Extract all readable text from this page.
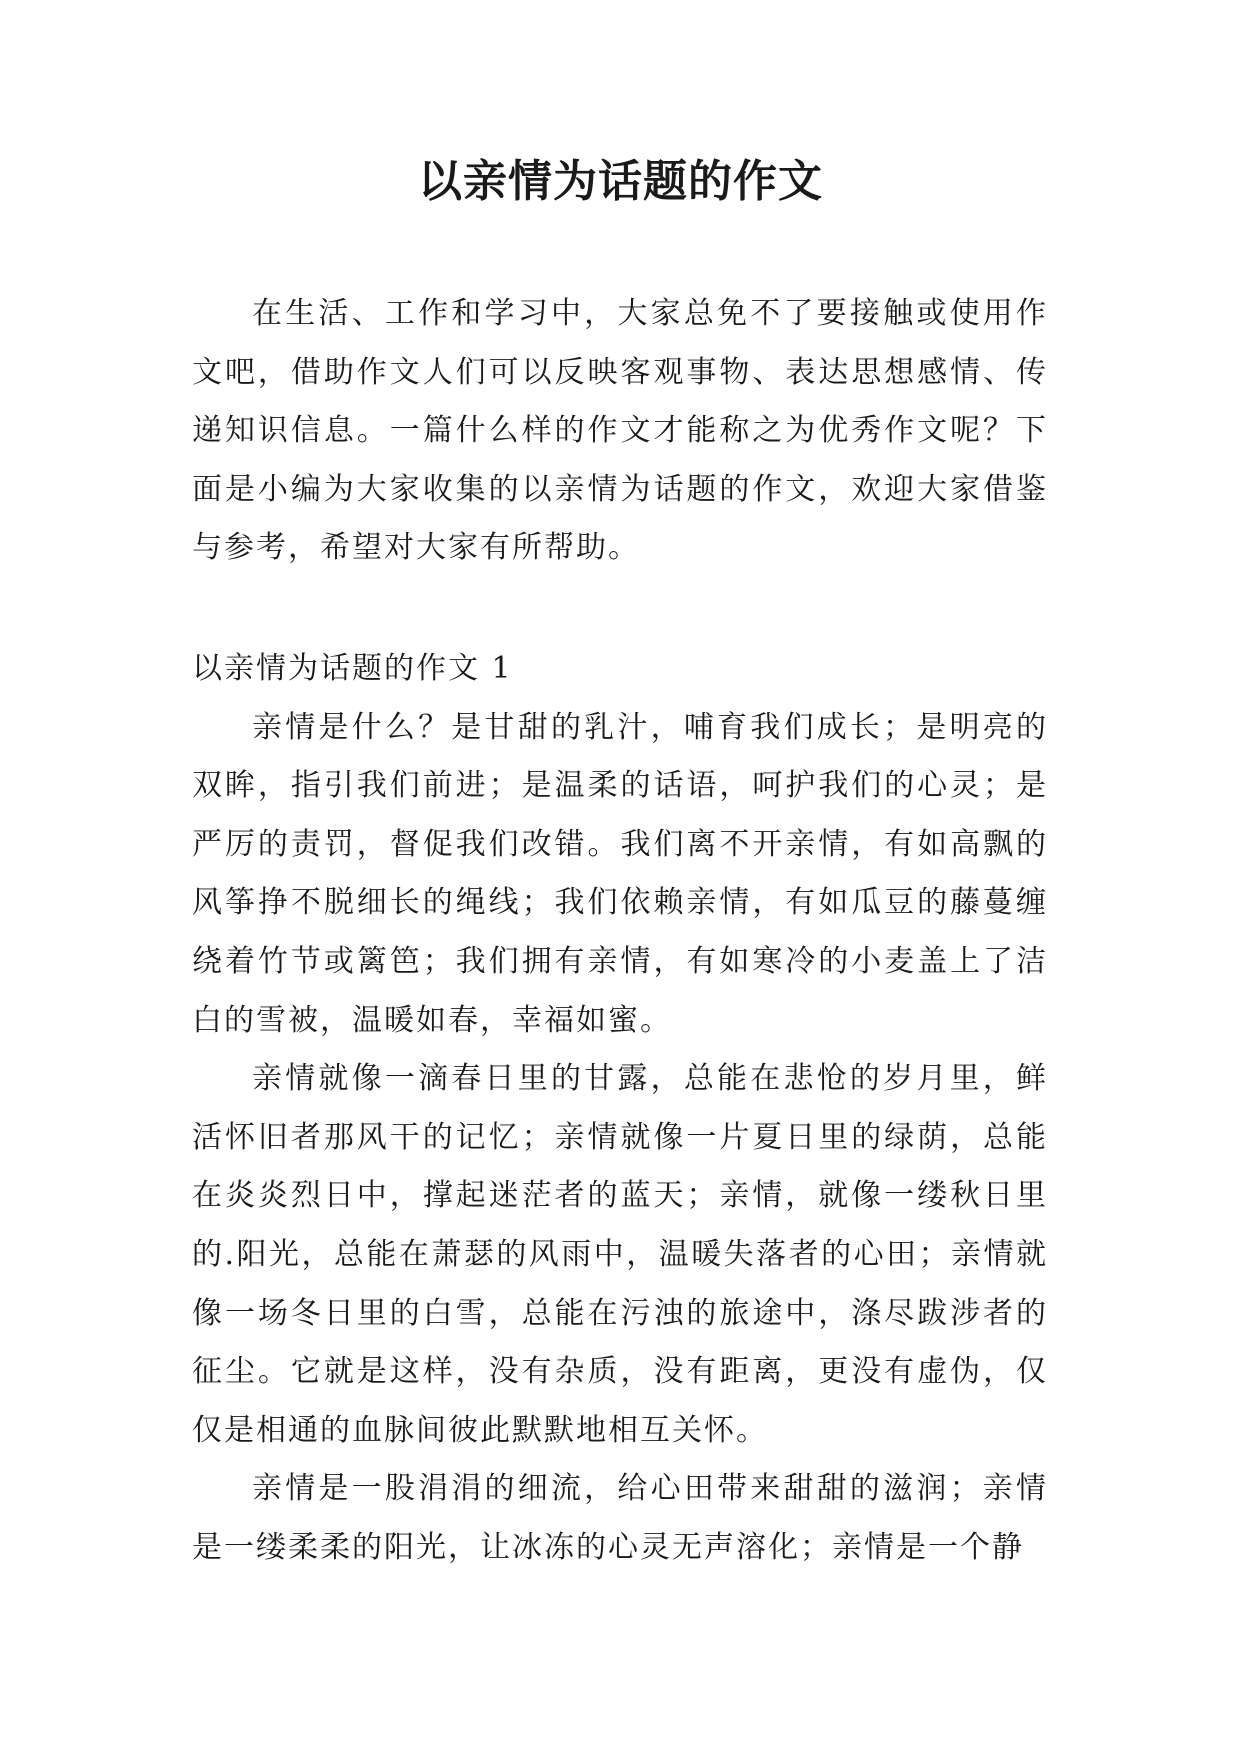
以亲情为话题的作文

在生活、工作和学习中，大家总免不了要接触或使用作文吧，借助作文人们可以反映客观事物、表达思想感情、传递知识信息。一篇什么样的作文才能称之为优秀作文呢？下面是小编为大家收集的以亲情为话题的作文，欢迎大家借鉴与参考，希望对大家有所帮助。

以亲情为话题的作文 1

亲情是什么？是甘甜的乳汁，哺育我们成长；是明亮的双眸，指引我们前进；是温柔的话语，呵护我们的心灵；是严厉的责罚，督促我们改错。我们离不开亲情，有如高飘的风筝挣不脱细长的绳线；我们依赖亲情，有如瓜豆的藤蔓缠绕着竹节或篱笆；我们拥有亲情，有如寒冷的小麦盖上了洁白的雪被，温暖如春，幸福如蜜。

亲情就像一滴春日里的甘露，总能在悲怆的岁月里，鲜活怀旧者那风干的记忆；亲情就像一片夏日里的绿荫，总能在炎炎烈日中，撑起迷茫者的蓝天；亲情，就像一缕秋日里的.阳光，总能在萧瑟的风雨中，温暖失落者的心田；亲情就像一场冬日里的白雪，总能在污浊的旅途中，涤尽跋涉者的征尘。它就是这样，没有杂质，没有距离，更没有虚伪，仅仅是相通的血脉间彼此默默地相互关怀。

亲情是一股涓涓的细流，给心田带来甜甜的滋润；亲情是一缕柔柔的阳光，让冰冻的心灵无声溶化；亲情是一个静
